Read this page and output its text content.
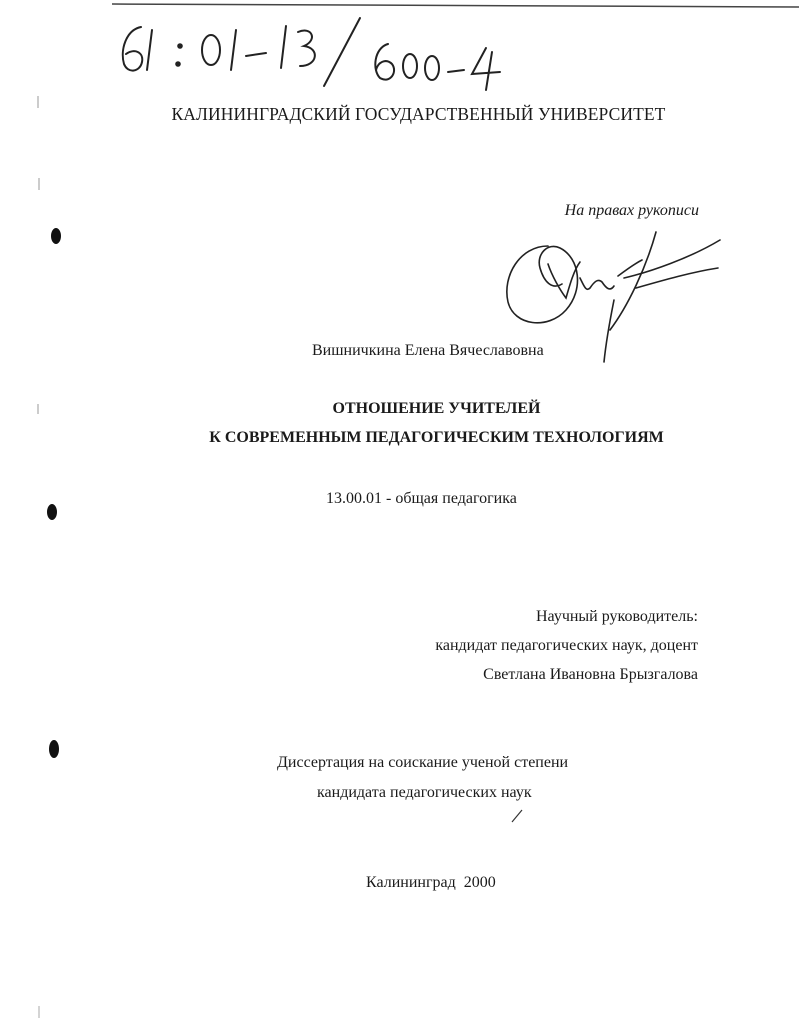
КАЛИНИНГРАДСКИЙ ГОСУДАРСТВЕННЫЙ УНИВЕРСИТЕТ
На правах рукописи
Вишничкина Елена Вячеславовна
ОТНОШЕНИЕ УЧИТЕЛЕЙ
К СОВРЕМЕННЫМ ПЕДАГОГИЧЕСКИМ ТЕХНОЛОГИЯМ
13.00.01 - общая педагогика
Научный руководитель:
кандидат педагогических наук, доцент
Светлана Ивановна Брызгалова
Диссертация на соискание ученой степени
кандидата педагогических наук
Калининград  2000
